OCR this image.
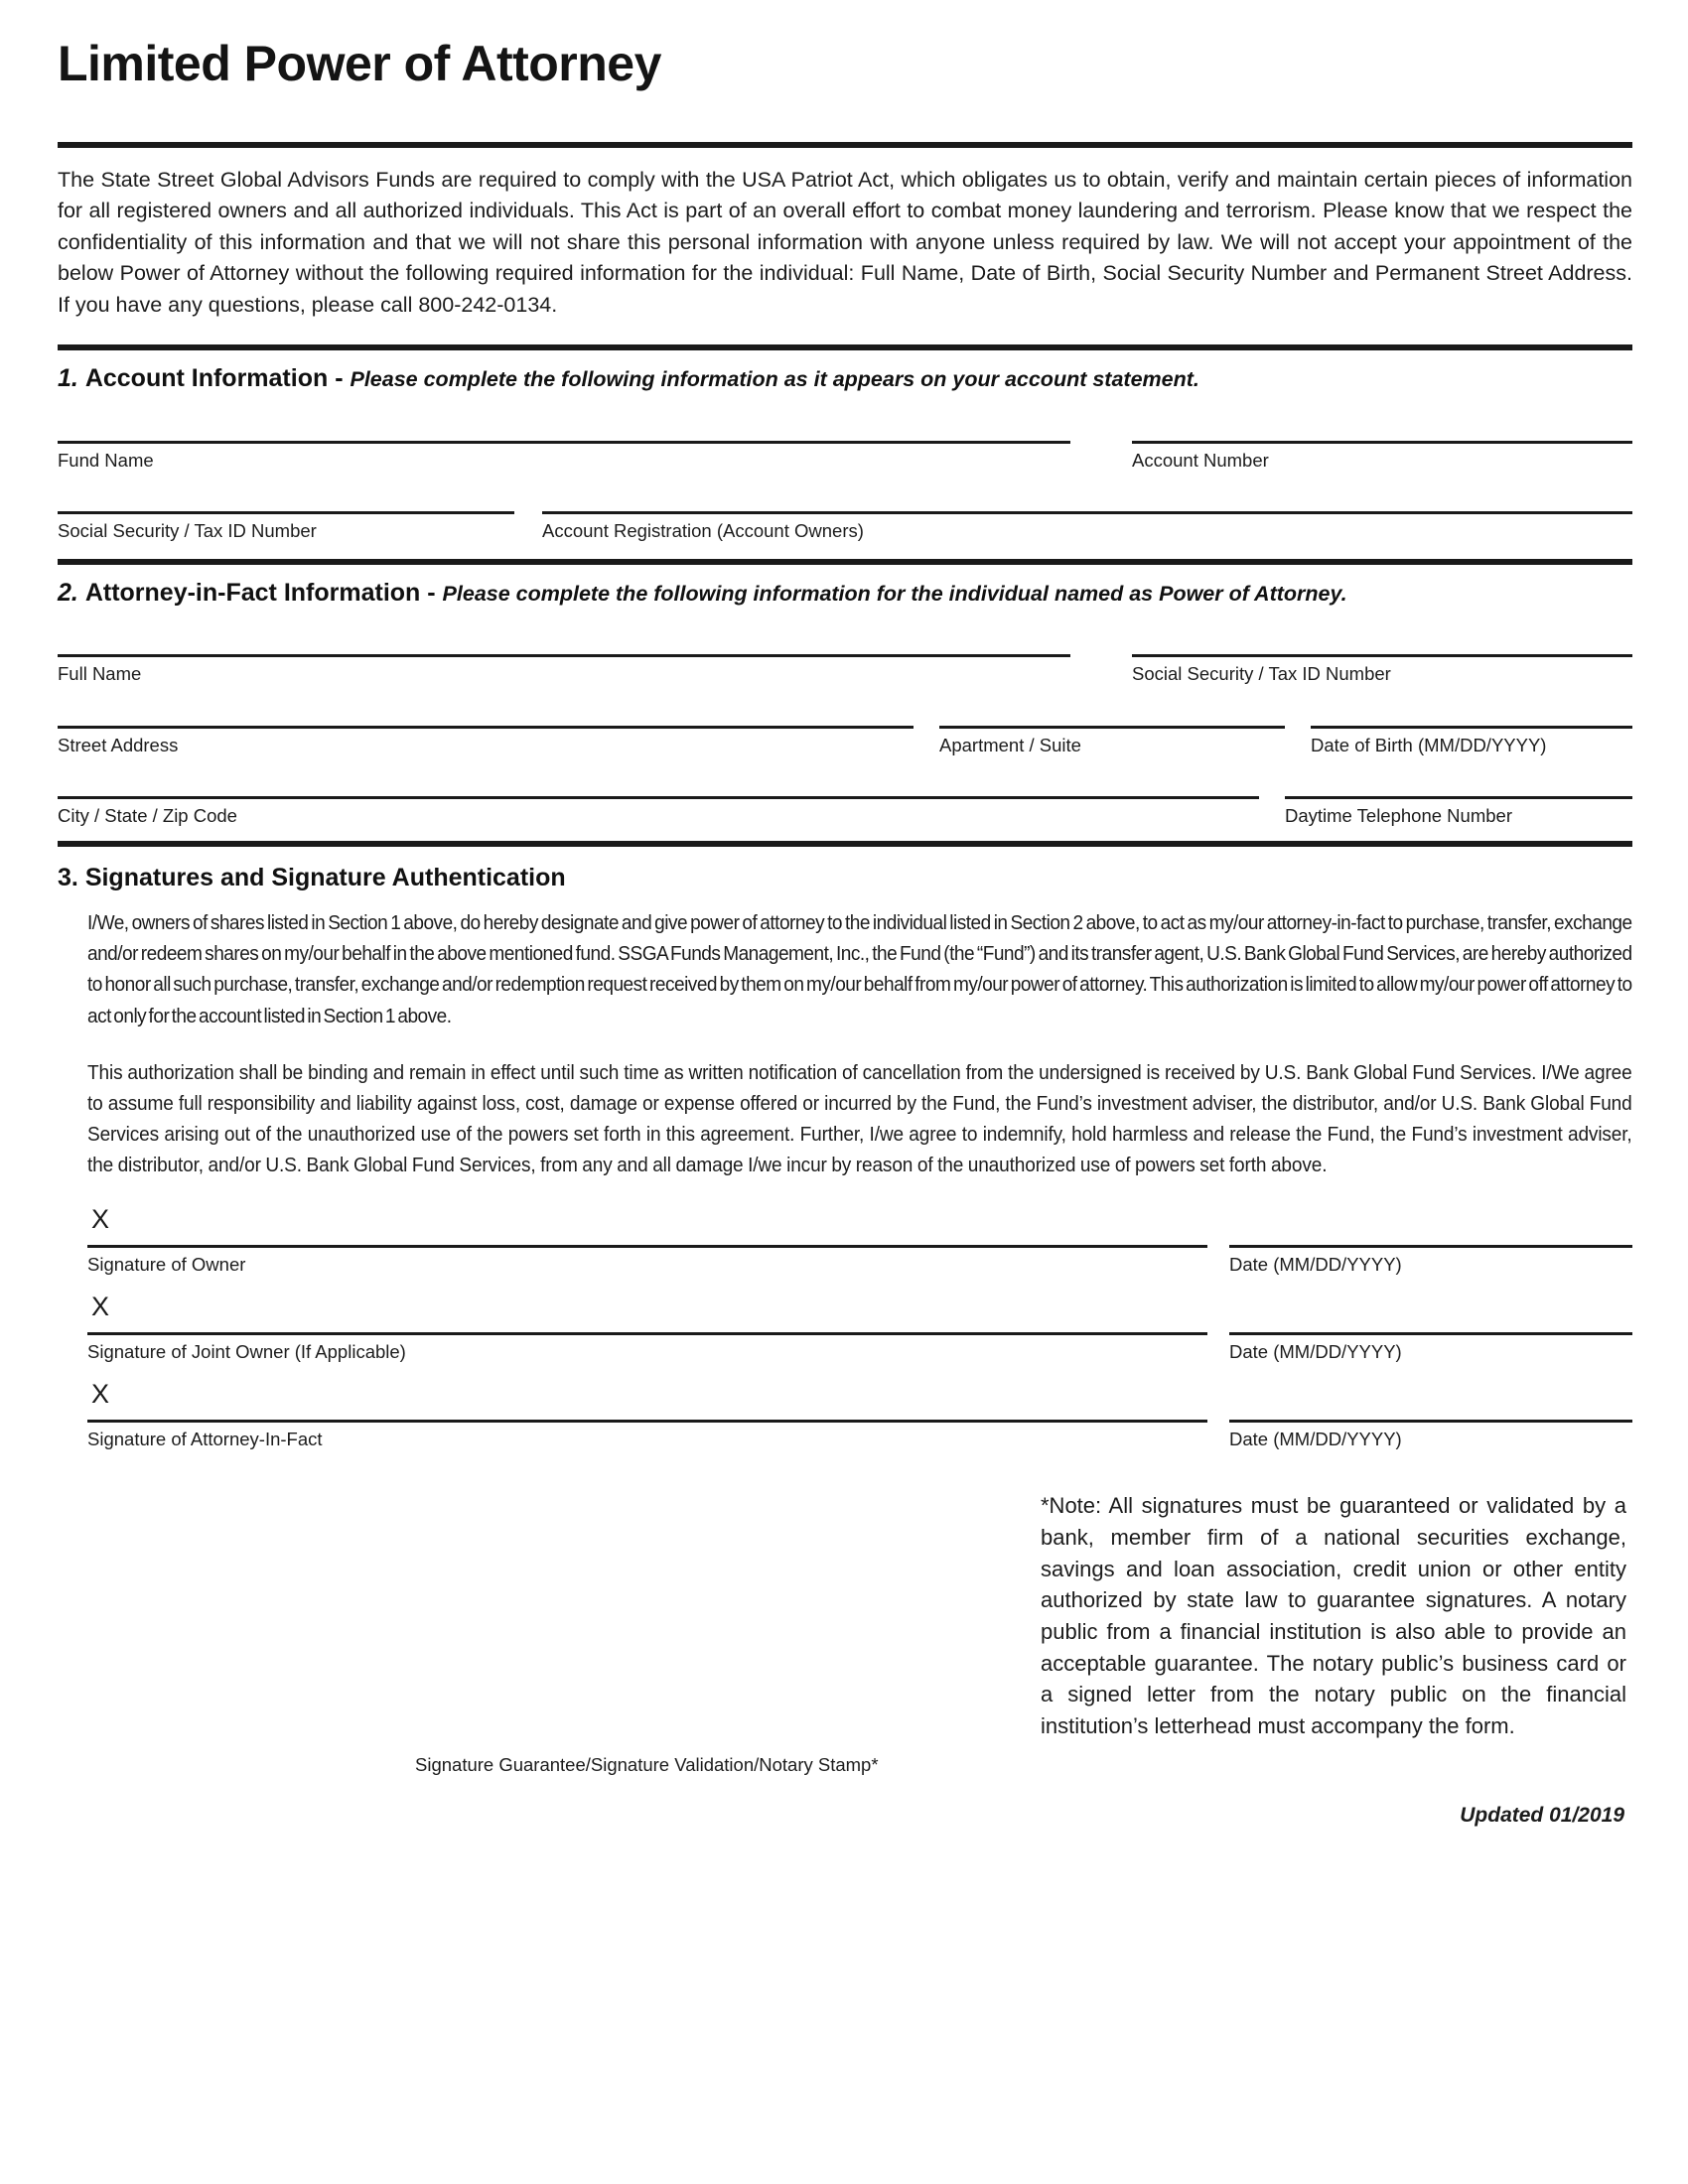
Limited Power of Attorney

The State Street Global Advisors Funds are required to comply with the USA Patriot Act, which obligates us to obtain, verify and maintain certain pieces of information for all registered owners and all authorized individuals. This Act is part of an overall effort to combat money laundering and terrorism. Please know that we respect the confidentiality of this information and that we will not share this personal information with anyone unless required by law. We will not accept your appointment of the below Power of Attorney without the following required information for the individual: Full Name, Date of Birth, Social Security Number and Permanent Street Address. If you have any questions, please call 800-242-0134.

1. Account Information - Please complete the following information as it appears on your account statement.
Fund Name	Account Number
Social Security / Tax ID Number	Account Registration (Account Owners)
2. Attorney-in-Fact Information - Please complete the following information for the individual named as Power of Attorney.
Full Name	Social Security / Tax ID Number
Street Address	Apartment / Suite	Date of Birth (MM/DD/YYYY)
City / State / Zip Code	Daytime Telephone Number
3. Signatures and Signature Authentication

I/We, owners of shares listed in Section 1 above, do hereby designate and give power of attorney to the individual listed in Section 2 above, to act as my/our attorney-in-fact to purchase, transfer, exchange and/or redeem shares on my/our behalf in the above mentioned fund. SSGA Funds Management, Inc., the Fund (the “Fund”) and its transfer agent, U.S. Bank Global Fund Services, are hereby authorized to honor all such purchase, transfer, exchange and/or redemption request received by them on my/our behalf from my/our power of attorney. This authorization is limited to allow my/our power off attorney to act only for the account listed in Section 1 above.

This authorization shall be binding and remain in effect until such time as written notification of cancellation from the undersigned is received by U.S. Bank Global Fund Services. I/We agree to assume full responsibility and liability against loss, cost, damage or expense offered or incurred by the Fund, the Fund’s investment adviser, the distributor, and/or U.S. Bank Global Fund Services arising out of the unauthorized use of the powers set forth in this agreement. Further, I/we agree to indemnify, hold harmless and release the Fund, the Fund’s investment adviser, the distributor, and/or U.S. Bank Global Fund Services, from any and all damage I/we incur by reason of the unauthorized use of powers set forth above.

X
Signature of Owner	Date (MM/DD/YYYY)
X
Signature of Joint Owner (If Applicable)	Date (MM/DD/YYYY)
X
Signature of Attorney-In-Fact	Date (MM/DD/YYYY)
Signature Guarantee/Signature Validation/Notary Stamp*
*Note: All signatures must be guaranteed or validated by a bank, member firm of a national securities exchange, savings and loan association, credit union or other entity authorized by state law to guarantee signatures. A notary public from a financial institution is also able to provide an acceptable guarantee. The notary public’s business card or a signed letter from the notary public on the financial institution’s letterhead must accompany the form.
Updated 01/2019
